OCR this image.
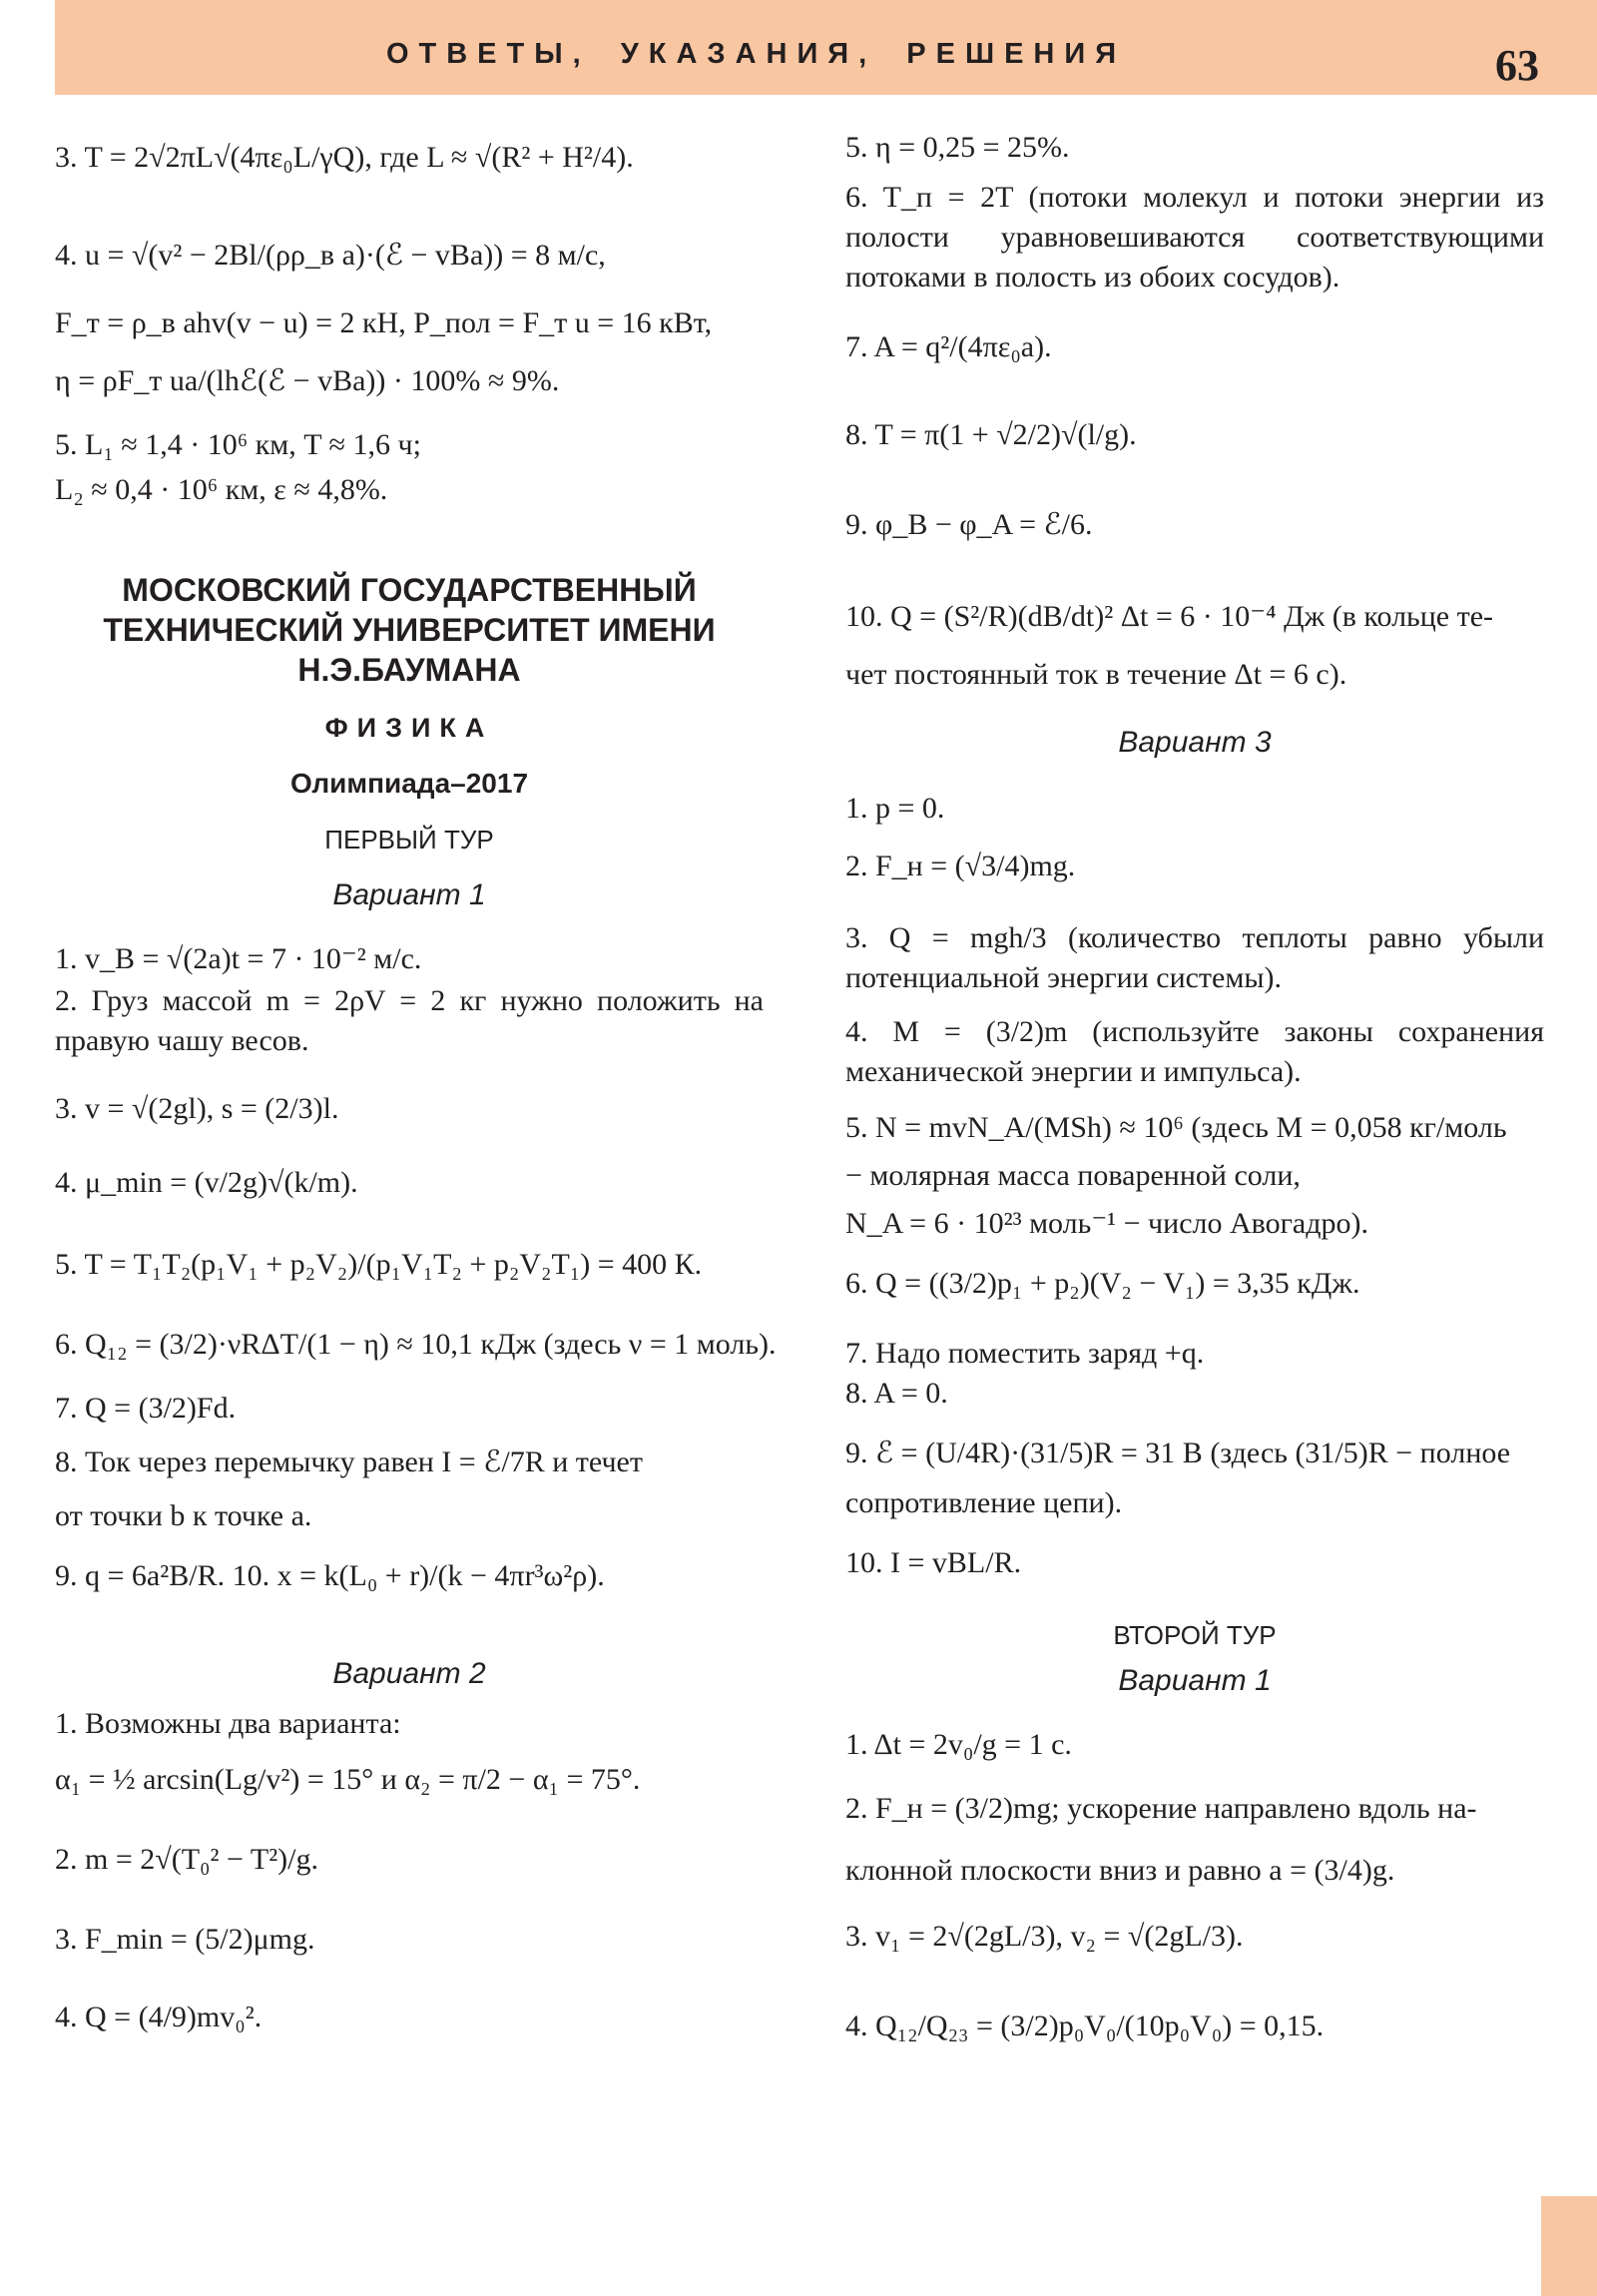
ОТВЕТЫ, УКАЗАНИЯ, РЕШЕНИЯ	63
3. T = 2√2πL√(4πε₀L/γQ), где L ≈ √(R² + H²/4).
4. u = √(v² − 2Bl/(ρρ_в a)·(ℰ − vBa)) = 8 м/с,
F_т = ρ_в ahv(v − u) = 2 кН, P_пол = F_т u = 16 кВт,
η = ρF_т ua/(lhℰ(ℰ − vBa)) · 100% ≈ 9%.
5. L₁ ≈ 1,4 · 10⁶ км, T ≈ 1,6 ч;
L₂ ≈ 0,4 · 10⁶ км, ε ≈ 4,8%.
МОСКОВСКИЙ ГОСУДАРСТВЕННЫЙ ТЕХНИЧЕСКИЙ УНИВЕРСИТЕТ ИМЕНИ Н.Э.БАУМАНА
ФИЗИКА
Олимпиада–2017
ПЕРВЫЙ ТУР
Вариант 1
1. v_B = √(2a)t = 7 · 10⁻² м/с.
2. Груз массой m = 2ρV = 2 кг нужно положить на правую чашу весов.
3. v = √(2gl), s = (2/3)l.
4. μ_min = (v/2g)√(k/m).
5. T = T₁T₂(p₁V₁ + p₂V₂)/(p₁V₁T₂ + p₂V₂T₁) = 400 К.
6. Q₁₂ = (3/2)·νRΔT/(1 − η) ≈ 10,1 кДж (здесь ν = 1 моль).
7. Q = (3/2)Fd.
8. Ток через перемычку равен I = ℰ/7R и течет
от точки b к точке a.
9. q = 6a²B/R. 10. x = k(L₀ + r)/(k − 4πr³ω²ρ).
Вариант 2
1. Возможны два варианта:
α₁ = ½ arcsin(Lg/v²) = 15° и α₂ = π/2 − α₁ = 75°.
2. m = 2√(T₀² − T²)/g.
3. F_min = (5/2)μmg.
4. Q = (4/9)mv₀².
5. η = 0,25 = 25%.
6. T_п = 2T (потоки молекул и потоки энергии из полости уравновешиваются соответствующими потоками в полость из обоих сосудов).
7. A = q²/(4πε₀a).
8. T = π(1 + √2/2)√(l/g).
9. φ_B − φ_A = ℰ/6.
10. Q = (S²/R)(dB/dt)² Δt = 6 · 10⁻⁴ Дж (в кольце те-
чет постоянный ток в течение Δt = 6 с).
Вариант 3
1. p = 0.
2. F_н = (√3/4)mg.
3. Q = mgh/3 (количество теплоты равно убыли потенциальной энергии системы).
4. M = (3/2)m (используйте законы сохранения механической энергии и импульса).
5. N = mvN_A/(MSh) ≈ 10⁶ (здесь M = 0,058 кг/моль
− молярная масса поваренной соли,
N_A = 6 · 10²³ моль⁻¹ − число Авогадро).
6. Q = ((3/2)p₁ + p₂)(V₂ − V₁) = 3,35 кДж.
7. Надо поместить заряд +q.
8. A = 0.
9. ℰ = (U/4R)·(31/5)R = 31 В (здесь (31/5)R − полное
сопротивление цепи).
10. I = vBL/R.
ВТОРОЙ ТУР
Вариант 1
1. Δt = 2v₀/g = 1 с.
2. F_н = (3/2)mg; ускорение направлено вдоль на-
клонной плоскости вниз и равно a = (3/4)g.
3. v₁ = 2√(2gL/3), v₂ = √(2gL/3).
4. Q₁₂/Q₂₃ = (3/2)p₀V₀/(10p₀V₀) = 0,15.
